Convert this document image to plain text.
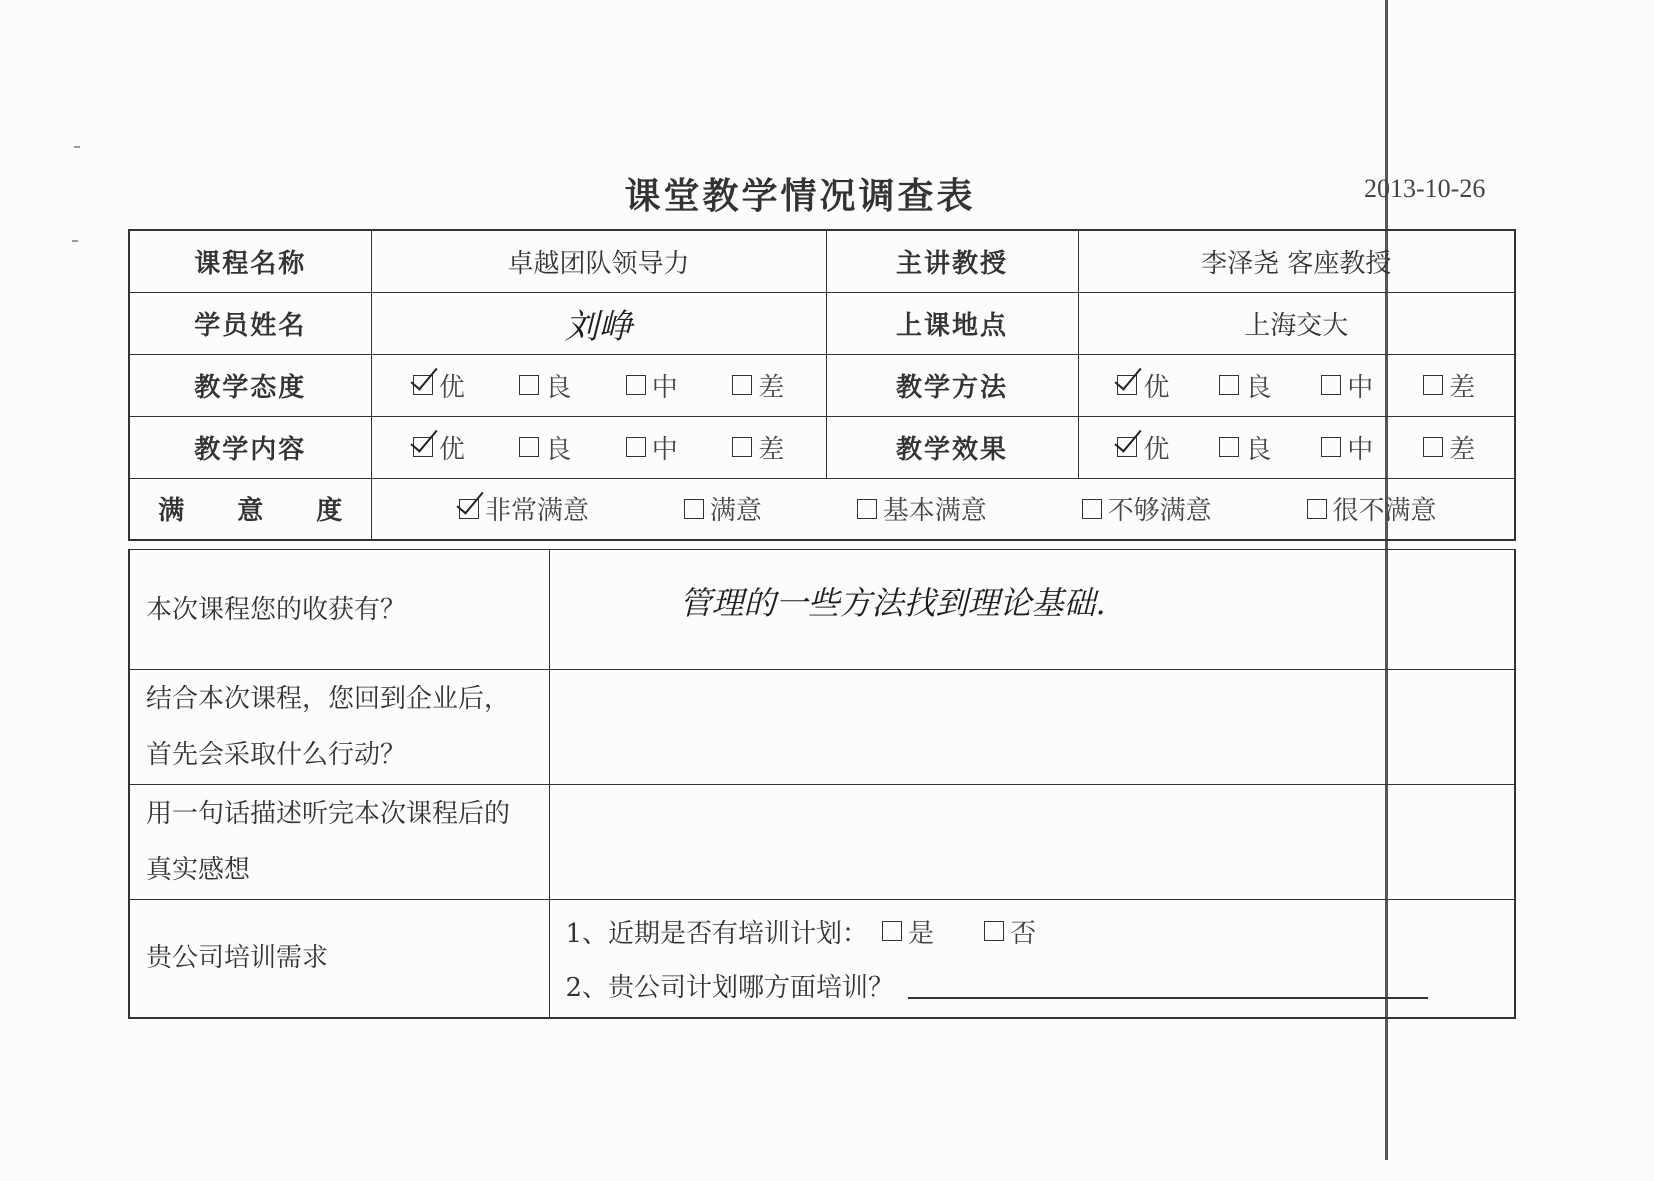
课堂教学情况调查表	2013-10-26
课程名称	卓越团队领导力	主讲教授	李泽尧 客座教授
学员姓名	刘峥	上课地点	上海交大
教学态度	优 良 中 差	教学方法	优 良 中 差

教学内容	优 良 中 差	教学效果	优 良 中 差

满 意 度	非常满意 满意 基本满意 不够满意 很不满意		
本次课程您的收获有？	管理的一些方法找到理论基础.
结合本次课程，您回到企业后，首先会采取什么行动？	
用一句话描述听完本次课程后的真实感想	
贵公司培训需求	1、近期是否有培训计划： 是 否
2、贵公司计划哪方面培训？
